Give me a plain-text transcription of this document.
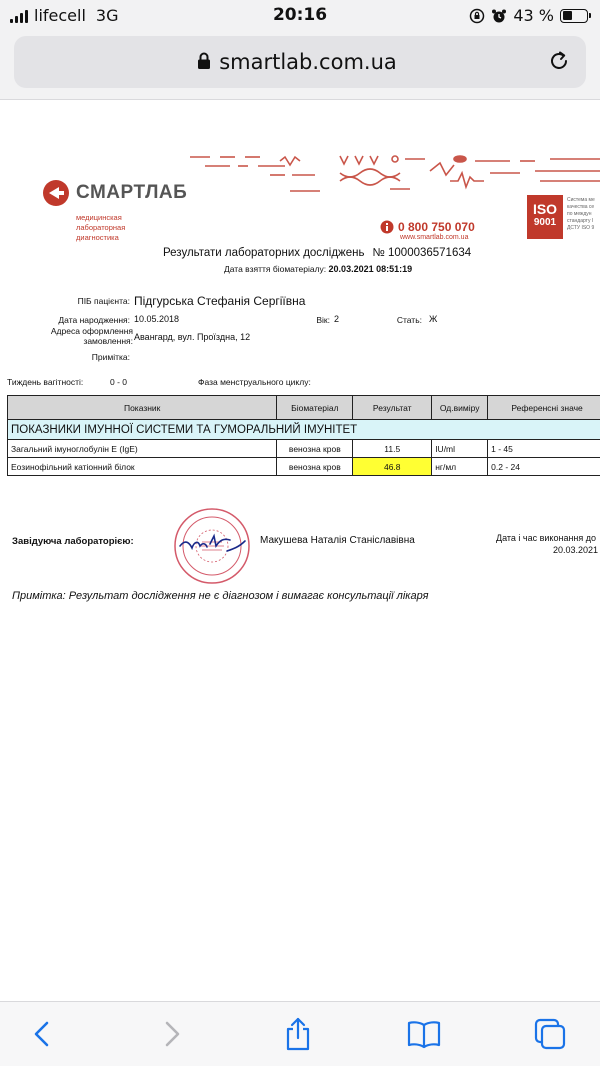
lifecell 3G	20:16	43 %
smartlab.com.ua
СМАРТЛАБ
медицинская
лабораторная
диагностика
0 800 750 070
www.smartlab.com.ua
ISO
9001
Система ме
качества се
по междун
стандарту I
ДСТУ ISO 9
Результати лабораторних досліджень № 1000036571634
Дата взяття біоматеріалу: 20.03.2021 08:51:19
ПІБ пацієнта: Підгурська Стефанія Сергіївна
Дата народження: 10.05.2018	Вік: 2	Стать: Ж
Адреса оформлення
замовлення: Авангард, вул. Проїздна, 12
Примітка:
Тиждень вагітності:	0 - 0	Фаза менструального циклу:
Показник	Біоматеріал	Результат	Од.виміру	Референсні значе
ПОКАЗНИКИ ІМУННОЇ СИСТЕМИ ТА ГУМОРАЛЬНИЙ ІМУНІТЕТ				
Загальний імуноглобулін Е (IgE)	венозна кров	11.5	IU/ml	1 - 45
Еозинофільний катіонний білок	венозна кров	46.8	нг/мл	0.2 - 24
Завідуюча лабораторією:	Макушева Наталія Станіславівна	Дата і час виконання до
20.03.2021
Примітка: Результат дослідження не є діагнозом і вимагає консультації лікаря
